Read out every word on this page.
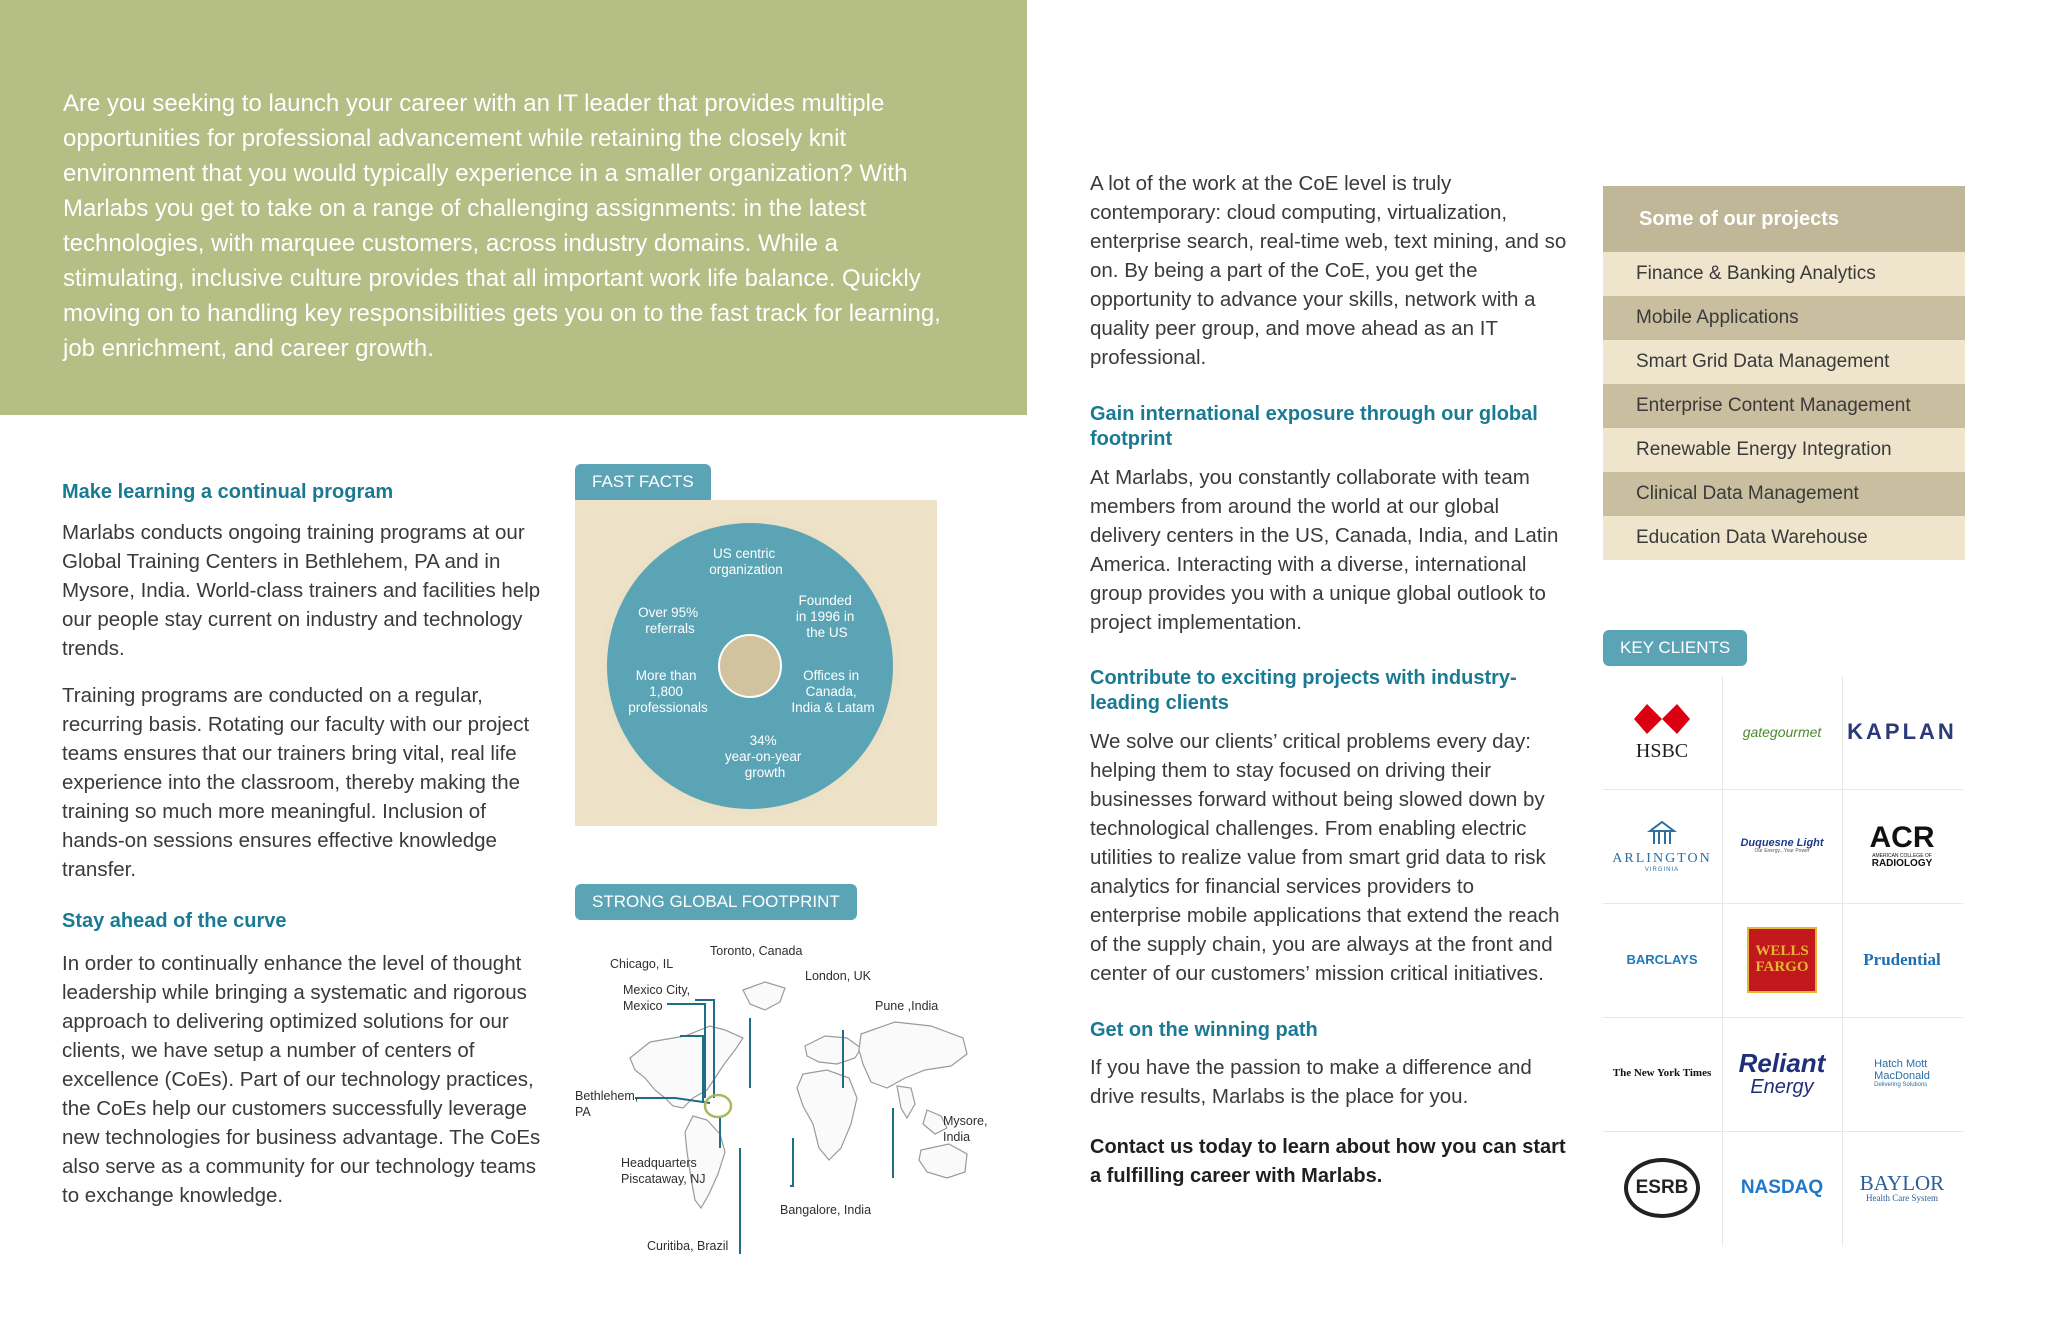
Are you seeking to launch your career with an IT leader that provides multiple opportunities for professional advancement while retaining the closely knit environment that you would typically experience in a smaller organization? With Marlabs you get to take on a range of challenging assignments: in the latest technologies, with marquee customers, across industry domains. While a stimulating, inclusive culture provides that all important work life balance. Quickly moving on to handling key responsibilities gets you on to the fast track for learning, job enrichment, and career growth.

Make learning a continual program

Marlabs conducts ongoing training programs at our Global Training Centers in Bethlehem, PA and in Mysore, India. World-class trainers and facilities help our people stay current on industry and technology trends.

Training programs are conducted on a regular, recurring basis. Rotating our faculty with our project teams ensures that our trainers bring vital, real life experience into the classroom, thereby making the training so much more meaningful. Inclusion of hands-on sessions ensures effective knowledge transfer.

Stay ahead of the curve

In order to continually enhance the level of thought leadership while bringing a systematic and rigorous approach to delivering optimized solutions for our clients, we have setup a number of centers of excellence (CoEs). Part of our technology practices, the CoEs help our customers successfully leverage new technologies for business advantage. The CoEs also serve as a community for our technology teams to exchange knowledge.

FAST FACTS
US centric organization
Founded in 1996 in the US
Offices in Canada, India & Latam
34% year-on-year growth
More than 1,800 professionals
Over 95% referrals
STRONG GLOBAL FOOTPRINT
Toronto, Canada
Chicago, IL
London, UK
Mexico City, Mexico	Pune ,India
Bethlehem, PA
Mysore, India
Headquarters Piscataway, NJ
Bangalore, India
Curitiba, Brazil

A lot of the work at the CoE level is truly contemporary: cloud computing, virtualization, enterprise search, real-time web, text mining, and so on. By being a part of the CoE, you get the opportunity to advance your skills, network with a quality peer group, and move ahead as an IT professional.

Gain international exposure through our global footprint

At Marlabs, you constantly collaborate with team members from around the world at our global delivery centers in the US, Canada, India, and Latin America. Interacting with a diverse, international group provides you with a unique global outlook to project implementation.

Contribute to exciting projects with industry-leading clients

We solve our clients’ critical problems every day: helping them to stay focused on driving their businesses forward without being slowed down by technological challenges. From enabling electric utilities to realize value from smart grid data to risk analytics for financial services providers to enterprise mobile applications that extend the reach of the supply chain, you are always at the front and center of our customers’ mission critical initiatives.

Get on the winning path

If you have the passion to make a difference and drive results, Marlabs is the place for you.

Contact us today to learn about how you can start a fulfilling career with Marlabs.

Some of our projects
Finance & Banking Analytics
Mobile Applications
Smart Grid Data Management
Enterprise Content Management
Renewable Energy Integration
Clinical Data Management
Education Data Warehouse
KEY CLIENTS
HSBC
gategourmet KAPLAN
ARLINGTON
VIRGINIA
Duquesne Light
Our Energy...Your Power	ACR
AMERICAN COLLEGE OF
RADIOLOGY
BARCLAYS
WELLS
FARGO	Prudential
The New York Times Reliant
Energy
Hatch Mott
MacDonald
Delivering Solutions
ESRB	NASDAQ BAYLOR
Health Care System
